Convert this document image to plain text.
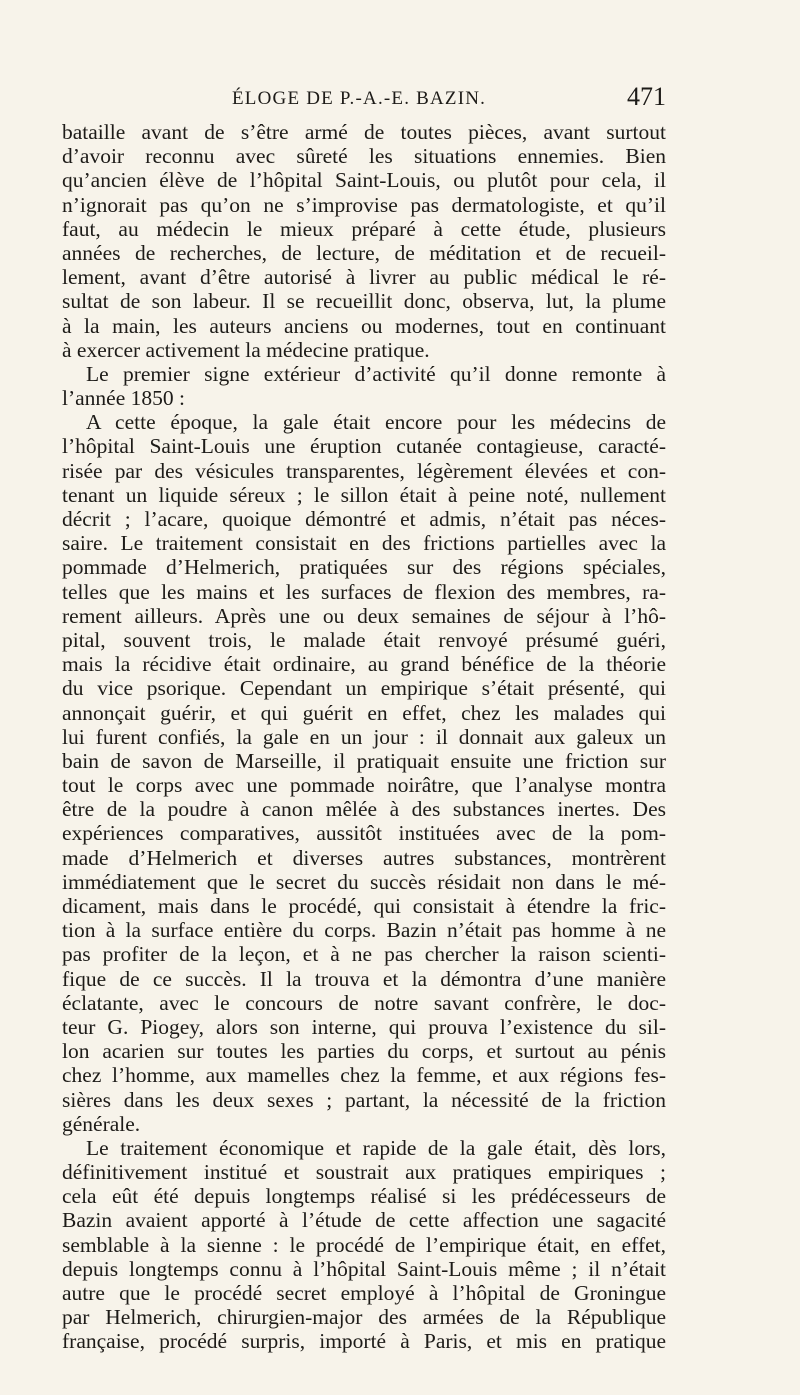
ÉLOGE DE P.-A.-E. BAZIN.	471
bataille avant de s’être armé de toutes pièces, avant surtout
d’avoir reconnu avec sûreté les situations ennemies. Bien
qu’ancien élève de l’hôpital Saint-Louis, ou plutôt pour cela, il
n’ignorait pas qu’on ne s’improvise pas dermatologiste, et qu’il
faut, au médecin le mieux préparé à cette étude, plusieurs
années de recherches, de lecture, de méditation et de recueil-
lement, avant d’être autorisé à livrer au public médical le ré-
sultat de son labeur. Il se recueillit donc, observa, lut, la plume
à la main, les auteurs anciens ou modernes, tout en continuant
à exercer activement la médecine pratique.
Le premier signe extérieur d’activité qu’il donne remonte à
l’année 1850 :
A cette époque, la gale était encore pour les médecins de
l’hôpital Saint-Louis une éruption cutanée contagieuse, caracté-
risée par des vésicules transparentes, légèrement élevées et con-
tenant un liquide séreux ; le sillon était à peine noté, nullement
décrit ; l’acare, quoique démontré et admis, n’était pas néces-
saire. Le traitement consistait en des frictions partielles avec la
pommade d’Helmerich, pratiquées sur des régions spéciales,
telles que les mains et les surfaces de flexion des membres, ra-
rement ailleurs. Après une ou deux semaines de séjour à l’hô-
pital, souvent trois, le malade était renvoyé présumé guéri,
mais la récidive était ordinaire, au grand bénéfice de la théorie
du vice psorique. Cependant un empirique s’était présenté, qui
annonçait guérir, et qui guérit en effet, chez les malades qui
lui furent confiés, la gale en un jour : il donnait aux galeux un
bain de savon de Marseille, il pratiquait ensuite une friction sur
tout le corps avec une pommade noirâtre, que l’analyse montra
être de la poudre à canon mêlée à des substances inertes. Des
expériences comparatives, aussitôt instituées avec de la pom-
made d’Helmerich et diverses autres substances, montrèrent
immédiatement que le secret du succès résidait non dans le mé-
dicament, mais dans le procédé, qui consistait à étendre la fric-
tion à la surface entière du corps. Bazin n’était pas homme à ne
pas profiter de la leçon, et à ne pas chercher la raison scienti-
fique de ce succès. Il la trouva et la démontra d’une manière
éclatante, avec le concours de notre savant confrère, le doc-
teur G. Piogey, alors son interne, qui prouva l’existence du sil-
lon acarien sur toutes les parties du corps, et surtout au pénis
chez l’homme, aux mamelles chez la femme, et aux régions fes-
sières dans les deux sexes ; partant, la nécessité de la friction
générale.
Le traitement économique et rapide de la gale était, dès lors,
définitivement institué et soustrait aux pratiques empiriques ;
cela eût été depuis longtemps réalisé si les prédécesseurs de
Bazin avaient apporté à l’étude de cette affection une sagacité
semblable à la sienne : le procédé de l’empirique était, en effet,
depuis longtemps connu à l’hôpital Saint-Louis même ; il n’était
autre que le procédé secret employé à l’hôpital de Groningue
par Helmerich, chirurgien-major des armées de la République
française, procédé surpris, importé à Paris, et mis en pratique
